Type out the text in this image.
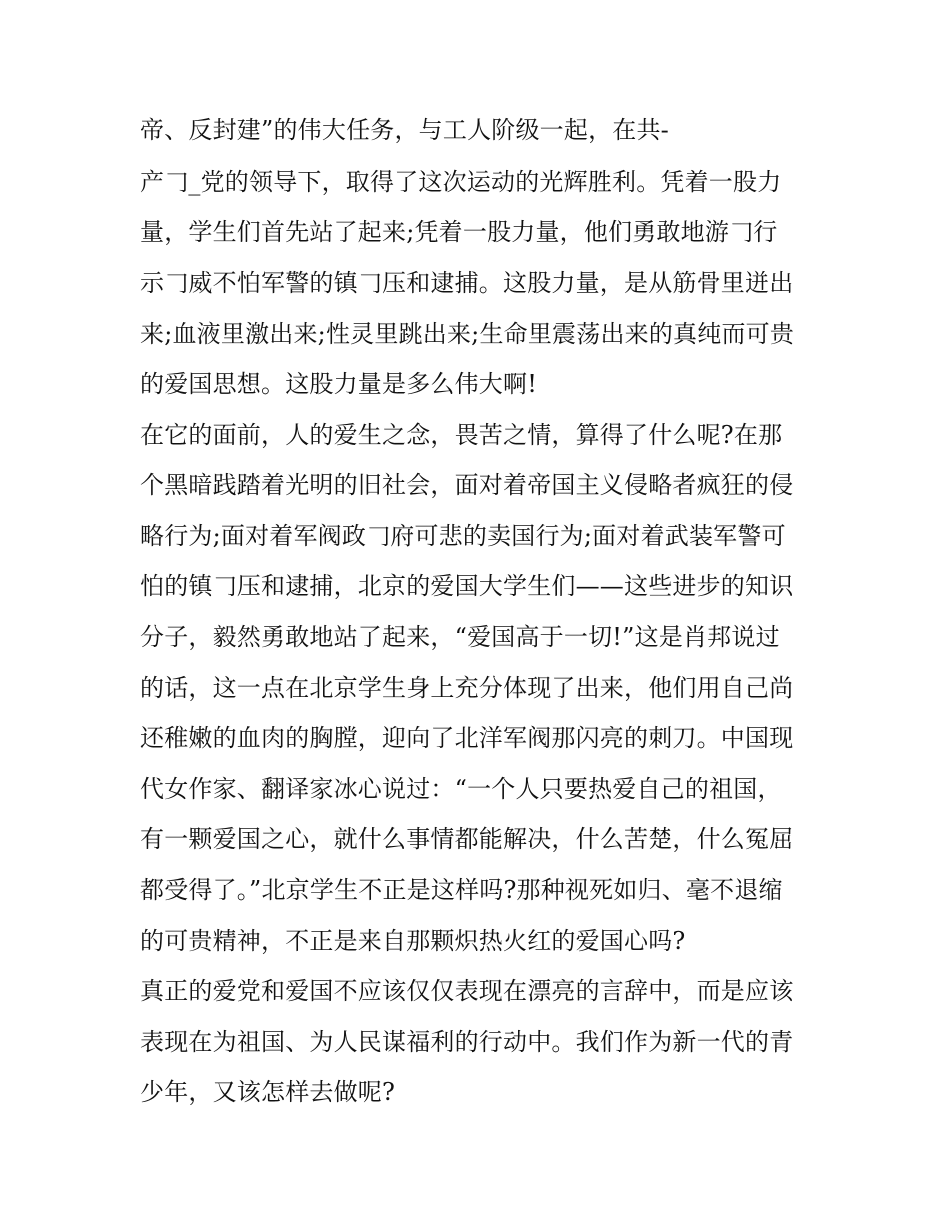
帝、反封建”的伟大任务，与工人阶级一起，在共-
产𠃌_党的领导下，取得了这次运动的光辉胜利。凭着一股力
量，学生们首先站了起来;凭着一股力量，他们勇敢地游𠃌行
示𠃌威不怕军警的镇𠃌压和逮捕。这股力量，是从筋骨里迸出
来;血液里激出来;性灵里跳出来;生命里震荡出来的真纯而可贵
的爱国思想。这股力量是多么伟大啊!
在它的面前，人的爱生之念，畏苦之情，算得了什么呢?在那
个黑暗践踏着光明的旧社会，面对着帝国主义侵略者疯狂的侵
略行为;面对着军阀政𠃌府可悲的卖国行为;面对着武装军警可
怕的镇𠃌压和逮捕，北京的爱国大学生们——这些进步的知识
分子，毅然勇敢地站了起来，“爱国高于一切!”这是肖邦说过
的话，这一点在北京学生身上充分体现了出来，他们用自己尚
还稚嫩的血肉的胸膛，迎向了北洋军阀那闪亮的刺刀。中国现
代女作家、翻译家冰心说过：“一个人只要热爱自己的祖国，
有一颗爱国之心，就什么事情都能解决，什么苦楚，什么冤屈
都受得了。”北京学生不正是这样吗?那种视死如归、毫不退缩
的可贵精神，不正是来自那颗炽热火红的爱国心吗?
真正的爱党和爱国不应该仅仅表现在漂亮的言辞中，而是应该
表现在为祖国、为人民谋福利的行动中。我们作为新一代的青
少年，又该怎样去做呢?
